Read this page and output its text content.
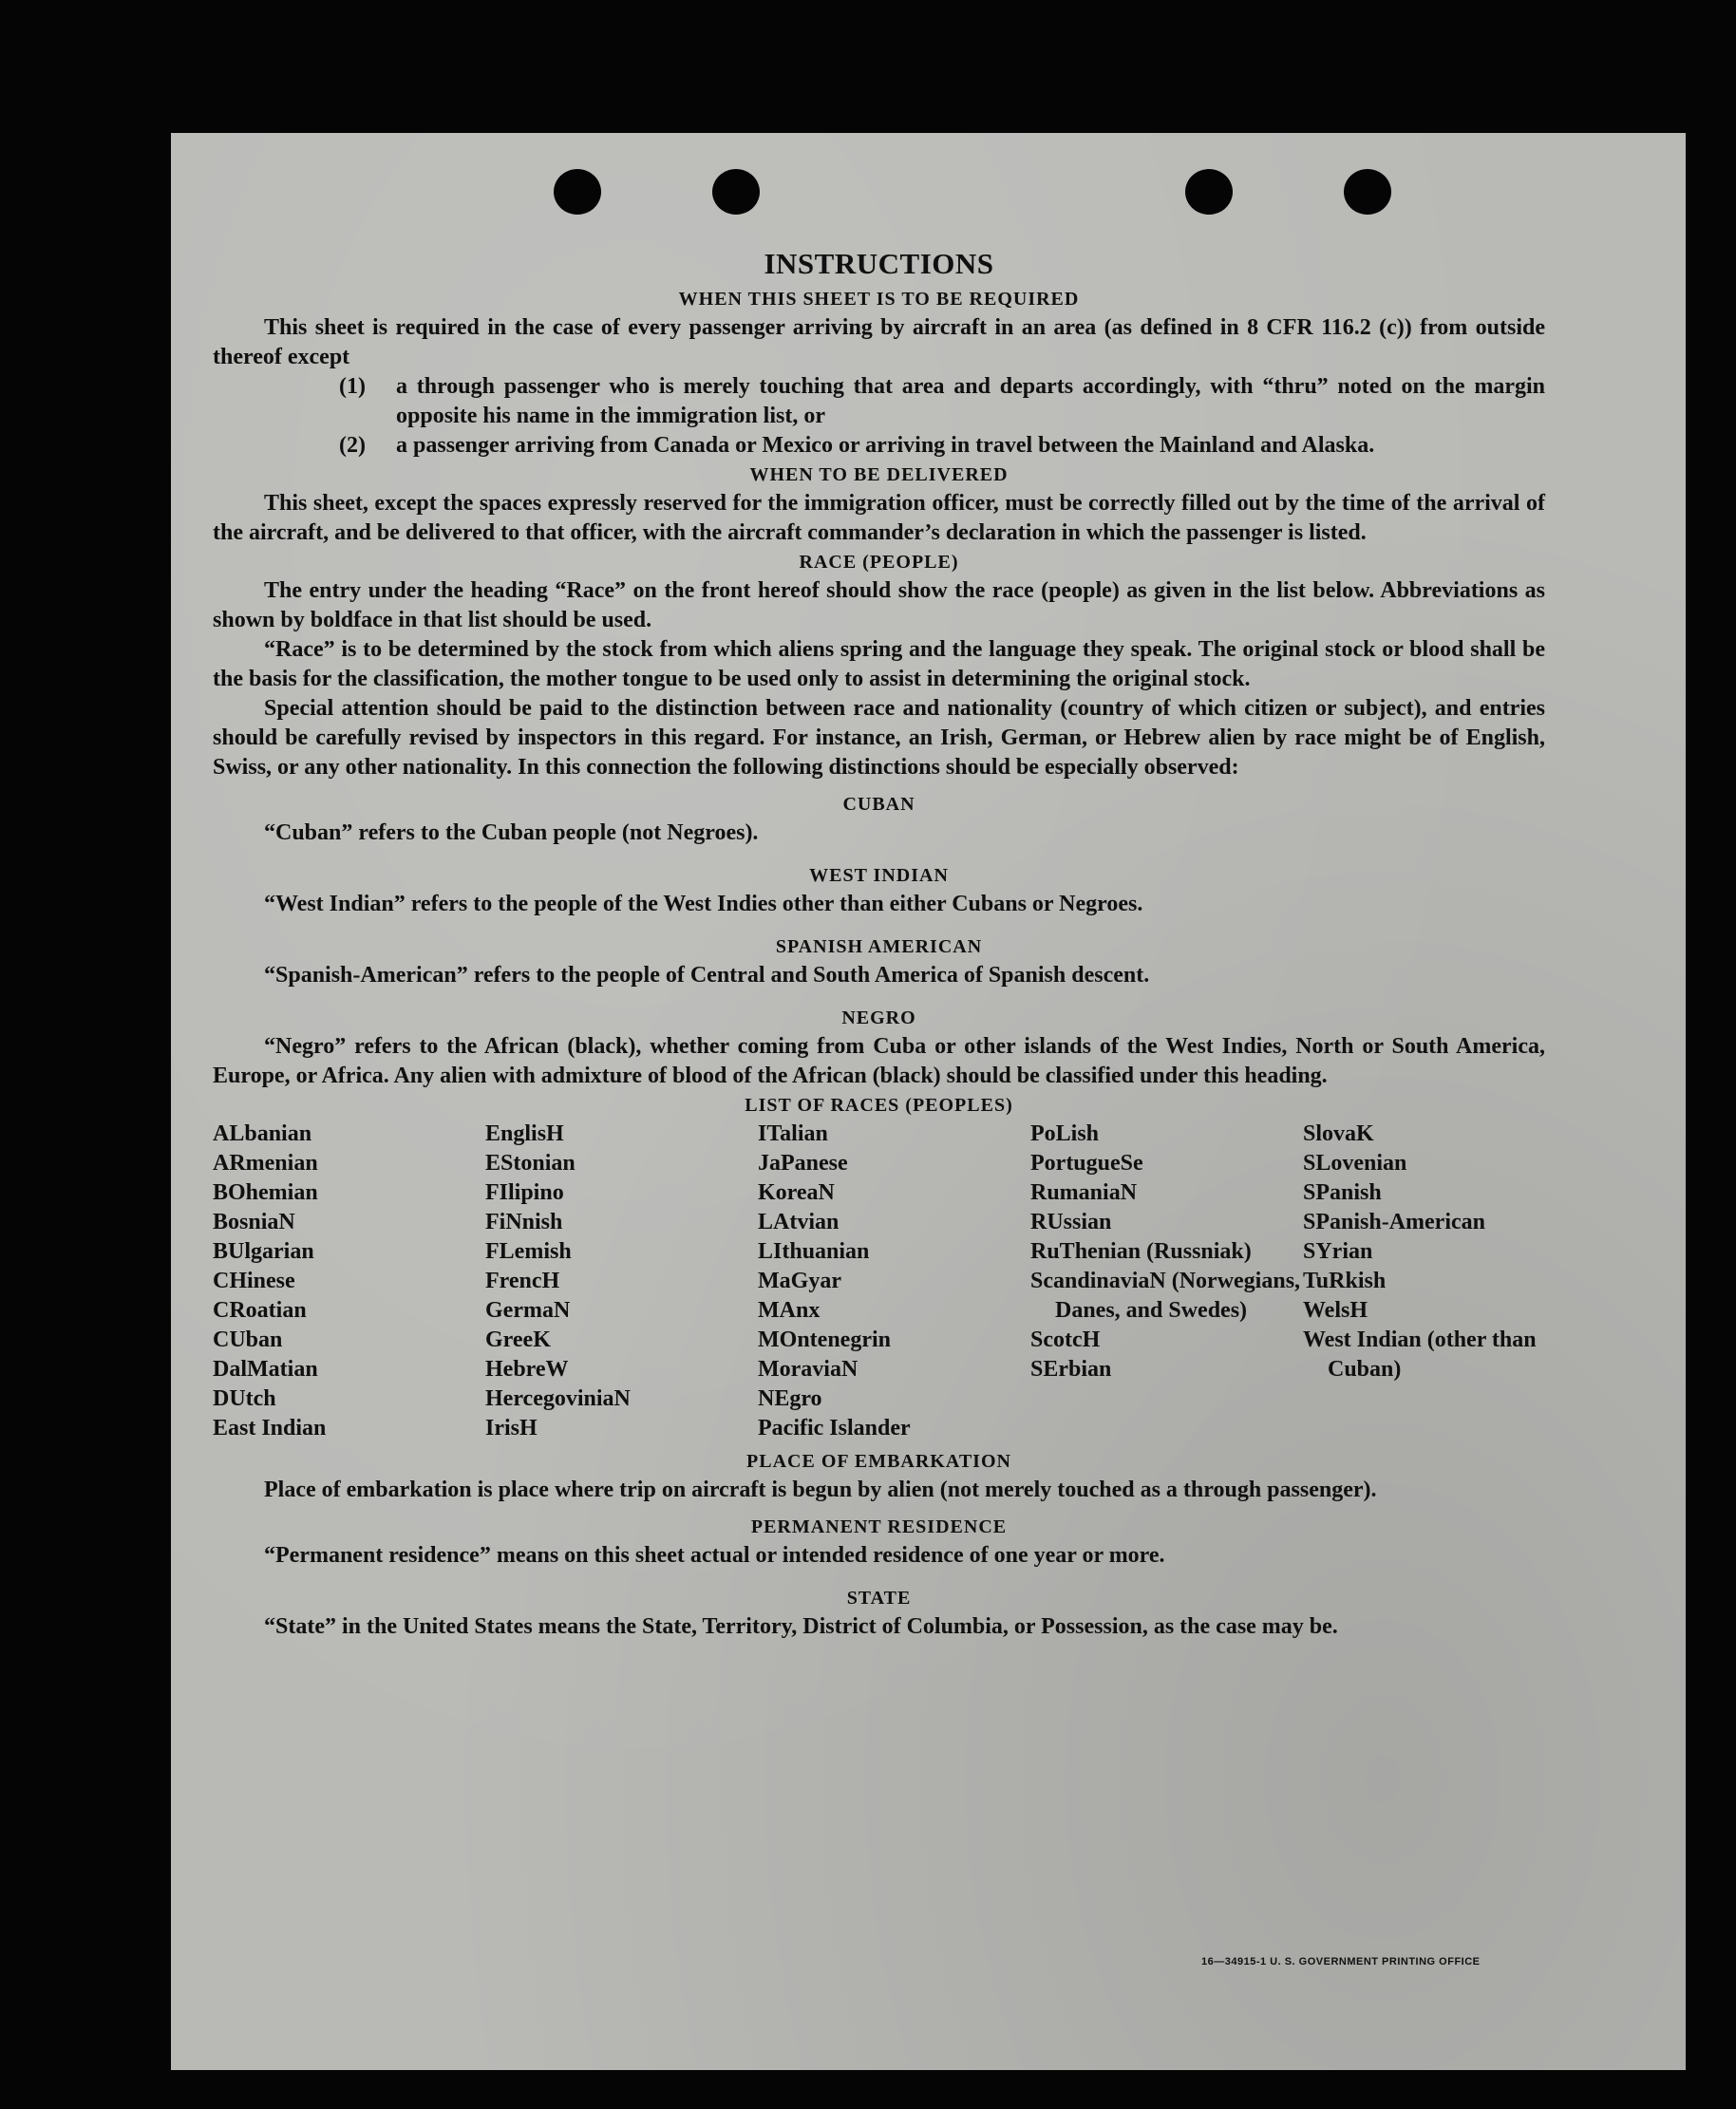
INSTRUCTIONS
WHEN THIS SHEET IS TO BE REQUIRED

This sheet is required in the case of every passenger arriving by aircraft in an area (as defined in 8 CFR 116.2 (c)) from outside thereof except

(1) a through passenger who is merely touching that area and departs accordingly, with “thru” noted on the margin opposite his name in the immigration list, or

(2) a passenger arriving from Canada or Mexico or arriving in travel between the Mainland and Alaska.

WHEN TO BE DELIVERED

This sheet, except the spaces expressly reserved for the immigration officer, must be correctly filled out by the time of the arrival of the aircraft, and be delivered to that officer, with the aircraft commander’s declaration in which the passenger is listed.

RACE (PEOPLE)

The entry under the heading “Race” on the front hereof should show the race (people) as given in the list below. Abbreviations as shown by boldface in that list should be used.

“Race” is to be determined by the stock from which aliens spring and the language they speak. The original stock or blood shall be the basis for the classification, the mother tongue to be used only to assist in determining the original stock.

Special attention should be paid to the distinction between race and nationality (country of which citizen or subject), and entries should be carefully revised by inspectors in this regard. For instance, an Irish, German, or Hebrew alien by race might be of English, Swiss, or any other nationality. In this connection the following distinctions should be especially observed:

CUBAN

“Cuban” refers to the Cuban people (not Negroes).

WEST INDIAN

“West Indian” refers to the people of the West Indies other than either Cubans or Negroes.

SPANISH AMERICAN

“Spanish-American” refers to the people of Central and South America of Spanish descent.

NEGRO

“Negro” refers to the African (black), whether coming from Cuba or other islands of the West Indies, North or South America, Europe, or Africa. Any alien with admixture of blood of the African (black) should be classified under this heading.

LIST OF RACES (PEOPLES)

ALbanian

ARmenian

BOhemian

BosniaN

BUlgarian

CHinese

CRoatian

CUban

DalMatian

DUtch

East Indian

EnglisH

EStonian

FIlipino

FiNnish

FLemish

FrencH

GermaN

GreeK

HebreW

HercegoviniaN

IrisH

ITalian

JaPanese

KoreaN

LAtvian

LIthuanian

MaGyar

MAnx

MOntenegrin

MoraviaN

NEgro

Pacific Islander

PoLish

PortugueSe

RumaniaN

RUssian

RuThenian (Russniak)

ScandinaviaN (Norwegians, Danes, and Swedes)

ScotcH

SErbian

SlovaK

SLovenian

SPanish

SPanish-American

SYrian

TuRkish

WelsH

West Indian (other than Cuban)

PLACE OF EMBARKATION

Place of embarkation is place where trip on aircraft is begun by alien (not merely touched as a through passenger).

PERMANENT RESIDENCE

“Permanent residence” means on this sheet actual or intended residence of one year or more.

STATE

“State” in the United States means the State, Territory, District of Columbia, or Possession, as the case may be.

16—34915-1 U. S. GOVERNMENT PRINTING OFFICE
